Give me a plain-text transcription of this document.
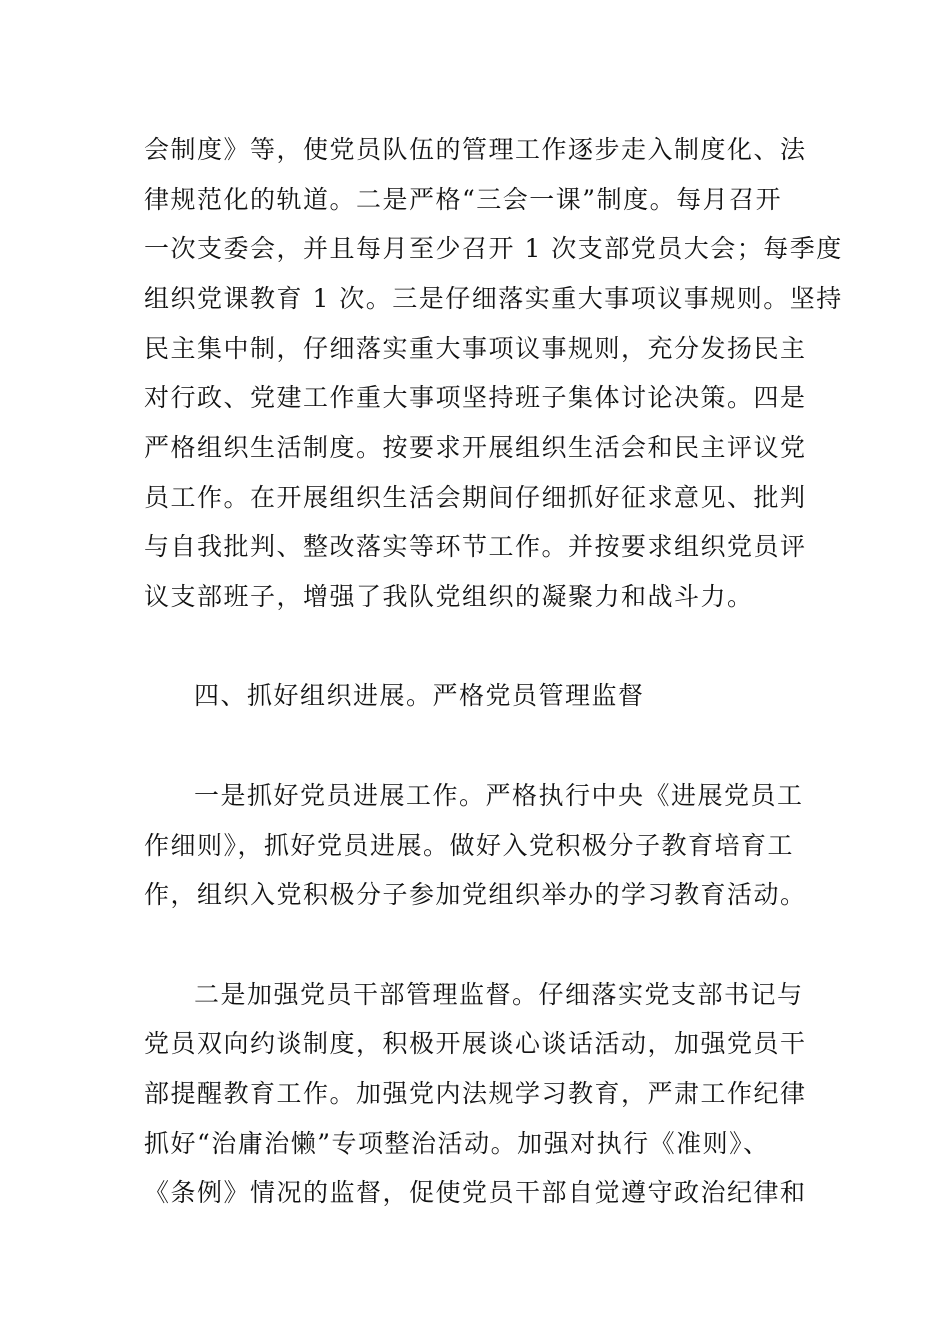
会制度》等，使党员队伍的管理工作逐步走入制度化、法
律规范化的轨道。二是严格“三会一课”制度。每月召开
一次支委会，并且每月至少召开 1 次支部党员大会；每季度
组织党课教育 1 次。三是仔细落实重大事项议事规则。坚持
民主集中制，仔细落实重大事项议事规则，充分发扬民主
对行政、党建工作重大事项坚持班子集体讨论决策。四是
严格组织生活制度。按要求开展组织生活会和民主评议党
员工作。在开展组织生活会期间仔细抓好征求意见、批判
与自我批判、整改落实等环节工作。并按要求组织党员评
议支部班子，增强了我队党组织的凝聚力和战斗力。
四、抓好组织进展。严格党员管理监督
一是抓好党员进展工作。严格执行中央《进展党员工
作细则》，抓好党员进展。做好入党积极分子教育培育工
作，组织入党积极分子参加党组织举办的学习教育活动。
二是加强党员干部管理监督。仔细落实党支部书记与
党员双向约谈制度，积极开展谈心谈话活动，加强党员干
部提醒教育工作。加强党内法规学习教育，严肃工作纪律
抓好“治庸治懒”专项整治活动。加强对执行《准则》、
《条例》情况的监督，促使党员干部自觉遵守政治纪律和
